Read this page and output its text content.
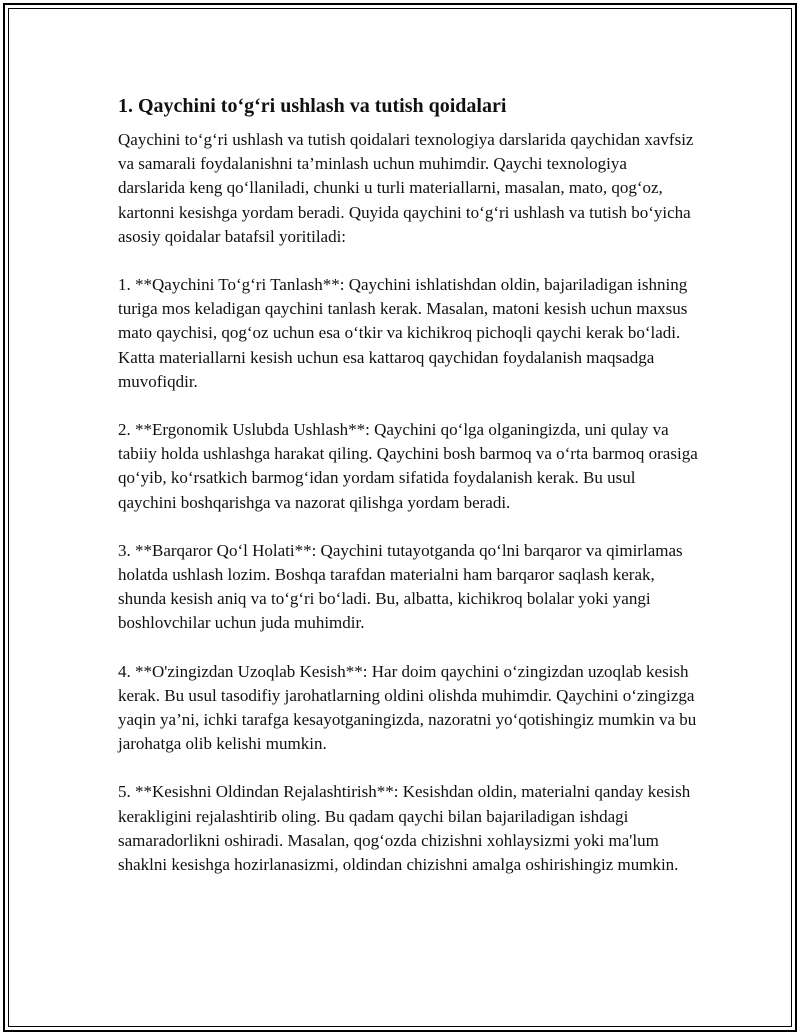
1. Qaychini to‘g‘ri ushlash va tutish qoidalari

Qaychini to‘g‘ri ushlash va tutish qoidalari texnologiya darslarida qaychidan xavfsiz va samarali foydalanishni ta’minlash uchun muhimdir. Qaychi texnologiya darslarida keng qo‘llaniladi, chunki u turli materiallarni, masalan, mato, qog‘oz, kartonni kesishga yordam beradi. Quyida qaychini to‘g‘ri ushlash va tutish bo‘yicha asosiy qoidalar batafsil yoritiladi:

1. **Qaychini To‘g‘ri Tanlash**: Qaychini ishlatishdan oldin, bajariladigan ishning turiga mos keladigan qaychini tanlash kerak. Masalan, matoni kesish uchun maxsus mato qaychisi, qog‘oz uchun esa o‘tkir va kichikroq pichoqli qaychi kerak bo‘ladi. Katta materiallarni kesish uchun esa kattaroq qaychidan foydalanish maqsadga muvofiqdir.

2. **Ergonomik Uslubda Ushlash**: Qaychini qo‘lga olganingizda, uni qulay va tabiiy holda ushlashga harakat qiling. Qaychini bosh barmoq va o‘rta barmoq orasiga qo‘yib, ko‘rsatkich barmog‘idan yordam sifatida foydalanish kerak. Bu usul qaychini boshqarishga va nazorat qilishga yordam beradi.

3. **Barqaror Qo‘l Holati**: Qaychini tutayotganda qo‘lni barqaror va qimirlamas holatda ushlash lozim. Boshqa tarafdan materialni ham barqaror saqlash kerak, shunda kesish aniq va to‘g‘ri bo‘ladi. Bu, albatta, kichikroq bolalar yoki yangi boshlovchilar uchun juda muhimdir.

4. **O'zingizdan Uzoqlab Kesish**: Har doim qaychini o‘zingizdan uzoqlab kesish kerak. Bu usul tasodifiy jarohatlarning oldini olishda muhimdir. Qaychini o‘zingizga yaqin ya’ni, ichki tarafga kesayotganingizda, nazoratni yo‘qotishingiz mumkin va bu jarohatga olib kelishi mumkin.

5. **Kesishni Oldindan Rejalashtirish**: Kesishdan oldin, materialni qanday kesish kerakligini rejalashtirib oling. Bu qadam qaychi bilan bajariladigan ishdagi samaradorlikni oshiradi. Masalan, qog‘ozda chizishni xohlaysizmi yoki ma'lum shaklni kesishga hozirlanasizmi, oldindan chizishni amalga oshirishingiz mumkin.
